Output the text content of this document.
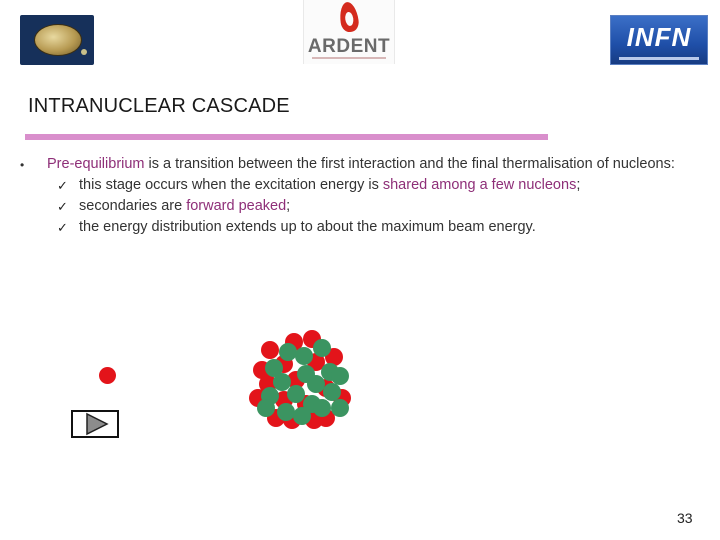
ARDENT	INFN
INTRANUCLEAR CASCADE
• Pre-equilibrium is a transition between the first interaction and the final thermalisation of nucleons:
✓ this stage occurs when the excitation energy is shared among a few nucleons;
✓ secondaries are forward peaked;
✓ the energy distribution extends up to about the maximum beam energy.
33
